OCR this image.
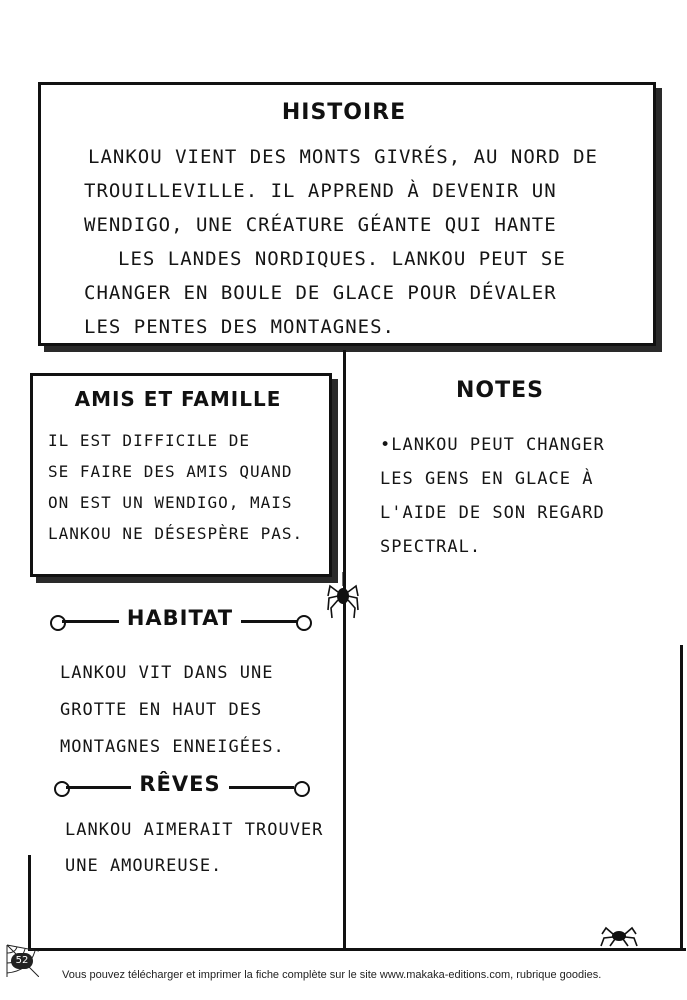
HISTOIRE
LANKOU VIENT DES MONTS GIVRÉS, AU NORD DE
TROUILLEVILLE. IL APPREND À DEVENIR UN
WENDIGO, UNE CRÉATURE GÉANTE QUI HANTE
LES LANDES NORDIQUES. LANKOU PEUT SE
CHANGER EN BOULE DE GLACE POUR DÉVALER
LES PENTES DES MONTAGNES.
AMIS ET FAMILLE
IL EST DIFFICILE DE
SE FAIRE DES AMIS QUAND
ON EST UN WENDIGO, MAIS
LANKOU NE DÉSESPÈRE PAS.
NOTES
•LANKOU PEUT CHANGER
LES GENS EN GLACE À
L'AIDE DE SON REGARD
SPECTRAL.
HABITAT
LANKOU VIT DANS UNE
GROTTE EN HAUT DES
MONTAGNES ENNEIGÉES.
RÊVES
LANKOU AIMERAIT TROUVER
UNE AMOUREUSE.
52
Vous pouvez télécharger et imprimer la fiche complète sur le site www.makaka-editions.com, rubrique goodies.
